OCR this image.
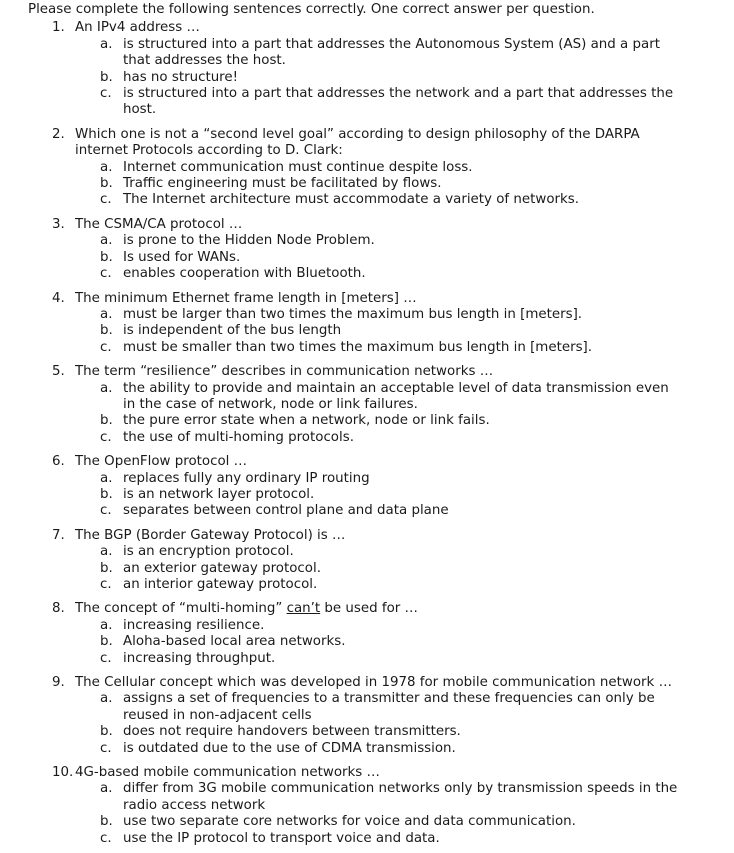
Please complete the following sentences correctly. One correct answer per question.
1. An IPv4 address …
a. is structured into a part that addresses the Autonomous System (AS) and a part that addresses the host.
b. has no structure!
c. is structured into a part that addresses the network and a part that addresses the host.
2. Which one is not a “second level goal” according to design philosophy of the DARPA internet Protocols according to D. Clark:
a. Internet communication must continue despite loss.
b. Traffic engineering must be facilitated by flows.
c. The Internet architecture must accommodate a variety of networks.
3. The CSMA/CA protocol …
a. is prone to the Hidden Node Problem.
b. Is used for WANs.
c. enables cooperation with Bluetooth.
4. The minimum Ethernet frame length in [meters] …
a. must be larger than two times the maximum bus length in [meters].
b. is independent of the bus length
c. must be smaller than two times the maximum bus length in [meters].
5. The term “resilience” describes in communication networks …
a. the ability to provide and maintain an acceptable level of data transmission even in the case of network, node or link failures.
b. the pure error state when a network, node or link fails.
c. the use of multi-homing protocols.
6. The OpenFlow protocol …
a. replaces fully any ordinary IP routing
b. is an network layer protocol.
c. separates between control plane and data plane
7. The BGP (Border Gateway Protocol) is …
a. is an encryption protocol.
b. an exterior gateway protocol.
c. an interior gateway protocol.
8. The concept of “multi-homing” can’t be used for …
a. increasing resilience.
b. Aloha-based local area networks.
c. increasing throughput.
9. The Cellular concept which was developed in 1978 for mobile communication network …
a. assigns a set of frequencies to a transmitter and these frequencies can only be reused in non-adjacent cells
b. does not require handovers between transmitters.
c. is outdated due to the use of CDMA transmission.
10. 4G-based mobile communication networks …
a. differ from 3G mobile communication networks only by transmission speeds in the radio access network
b. use two separate core networks for voice and data communication.
c. use the IP protocol to transport voice and data.
